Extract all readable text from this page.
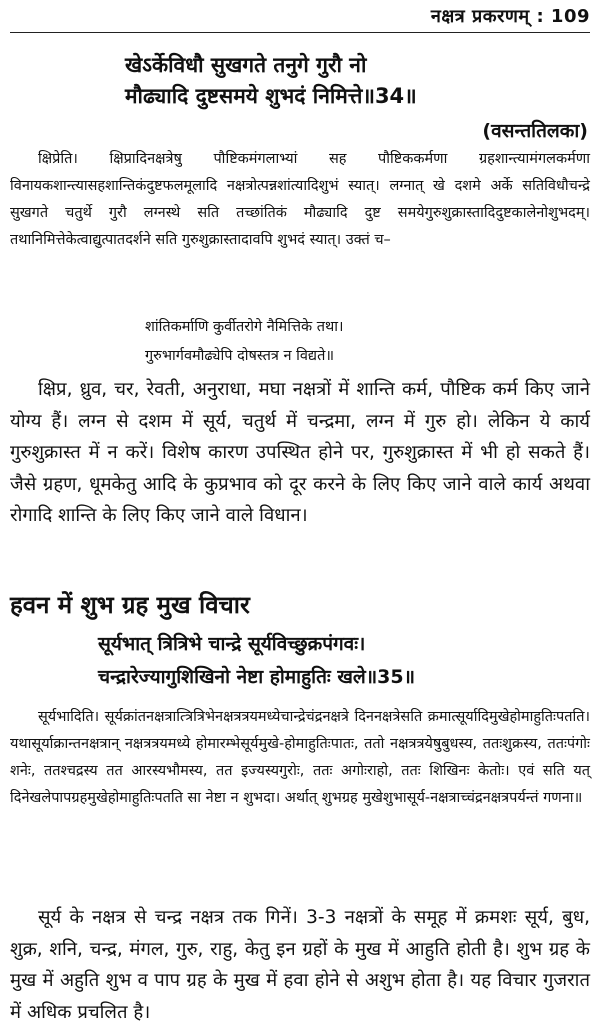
नक्षत्र प्रकरणम् : 109
खेऽर्केविधौ सुखगते तनुगे गुरौ नो
मौढ्यादि दुष्टसमये शुभदं निमित्ते॥34॥
(वसन्ततिलका)

क्षिप्रेति। क्षिप्रादिनक्षत्रेषु पौष्टिकमंगलाभ्यां सह पौष्टिककर्मणा ग्रहशान्त्यामंगलकर्मणा विनायकशान्त्यासहशान्तिकंदुष्टफलमूलादि नक्षत्रोत्पन्नशांत्यादिशुभं स्यात्। लग्नात् खे दशमे अर्के सतिविधौचन्द्रे सुखगते चतुर्थे गुरौ लग्नस्थे सति तच्छांतिकं मौढ्यादि दुष्ट समयेगुरुशुक्रास्तादिदुष्टकालेनोशुभदम्। तथानिमित्तेकेत्वाद्युत्पातदर्शने सति गुरुशुक्रास्तादावपि शुभदं स्यात्। उक्तं च–

शांतिकर्माणि कुर्वीतरोगे नैमित्तिके तथा।
गुरुभार्गवमौढ्येपि दोषस्तत्र न विद्यते॥

क्षिप्र, ध्रुव, चर, रेवती, अनुराधा, मघा नक्षत्रों में शान्ति कर्म, पौष्टिक कर्म किए जाने योग्य हैं। लग्न से दशम में सूर्य, चतुर्थ में चन्द्रमा, लग्न में गुरु हो। लेकिन ये कार्य गुरुशुक्रास्त में न करें। विशेष कारण उपस्थित होने पर, गुरुशुक्रास्त में भी हो सकते हैं। जैसे ग्रहण, धूमकेतु आदि के कुप्रभाव को दूर करने के लिए किए जाने वाले कार्य अथवा रोगादि शान्ति के लिए किए जाने वाले विधान।

हवन में शुभ ग्रह मुख विचार
सूर्यभात् त्रित्रिभे चान्द्रे सूर्यविच्छुक्रपंगवः।
चन्द्रारेज्यागुशिखिनो नेष्टा होमाहुतिः खले॥35॥

सूर्यभादिति। सूर्यक्रांतनक्षत्रात्त्रित्रिभेनक्षत्रत्रयमध्येचान्द्रेचंद्रनक्षत्रे दिननक्षत्रेसति क्रमात्सूर्यादिमुखेहोमाहुतिःपतति। यथासूर्याक्रान्तनक्षत्रान् नक्षत्रत्रयमध्ये होमारम्भेसूर्यमुखे-होमाहुतिःपातः, ततो नक्षत्रत्रयेषुबुधस्य, ततःशुक्रस्य, ततःपंगोः शनेः, ततश्चद्रस्य तत आरस्यभौमस्य, तत इज्यस्यगुरोः, ततः अगोःराहो, ततः शिखिनः केतोः। एवं सति यत् दिनेखलेपापग्रहमुखेहोमाहुतिःपतति सा नेष्टा न शुभदा। अर्थात् शुभग्रह मुखेशुभासूर्य-नक्षत्राच्चंद्रनक्षत्रपर्यन्तं गणना॥

सूर्य के नक्षत्र से चन्द्र नक्षत्र तक गिनें। 3-3 नक्षत्रों के समूह में क्रमशः सूर्य, बुध, शुक्र, शनि, चन्द्र, मंगल, गुरु, राहु, केतु इन ग्रहों के मुख में आहुति होती है। शुभ ग्रह के मुख में अहुति शुभ व पाप ग्रह के मुख में हवा होने से अशुभ होता है। यह विचार गुजरात में अधिक प्रचलित है।
